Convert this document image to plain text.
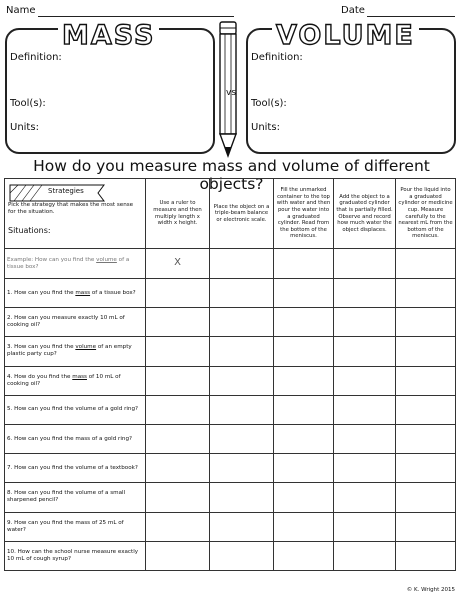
Name	Date
MASS
Definition:
Tool(s):
Units:
vs
VOLUME
Definition:
Tool(s):
Units:
How do you measure mass and volume of different objects?
Strategies
Pick the strategy that makes the most sense for the situation.
Situations:	Use a ruler to measure and then multiply length x width x height.	Place the object on a triple-beam balance or electronic scale.	Fill the unmarked container to the top with water and then pour the water into a graduated cylinder. Read from the bottom of the meniscus.	Add the object to a graduated cylinder that is partially filled. Observe and record how much water the object displaces.	Pour the liquid into a graduated cylinder or medicine cup. Measure carefully to the nearest mL from the bottom of the meniscus.
Example: How can you find the volume of a tissue box?	X				
1. How can you find the mass of a tissue box?					
2. How can you measure exactly 10 mL of cooking oil?					
3. How can you find the volume of an empty plastic party cup?					
4. How do you find the mass of 10 mL of cooking oil?					
5. How can you find the volume of a gold ring?					
6. How can you find the mass of a gold ring?					
7. How can you find the volume of a textbook?					
8. How can you find the volume of a small sharpened pencil?					
9. How can you find the mass of 25 mL of water?					
10. How can the school nurse measure exactly 10 mL of cough syrup?					
© K. Wright 2015
